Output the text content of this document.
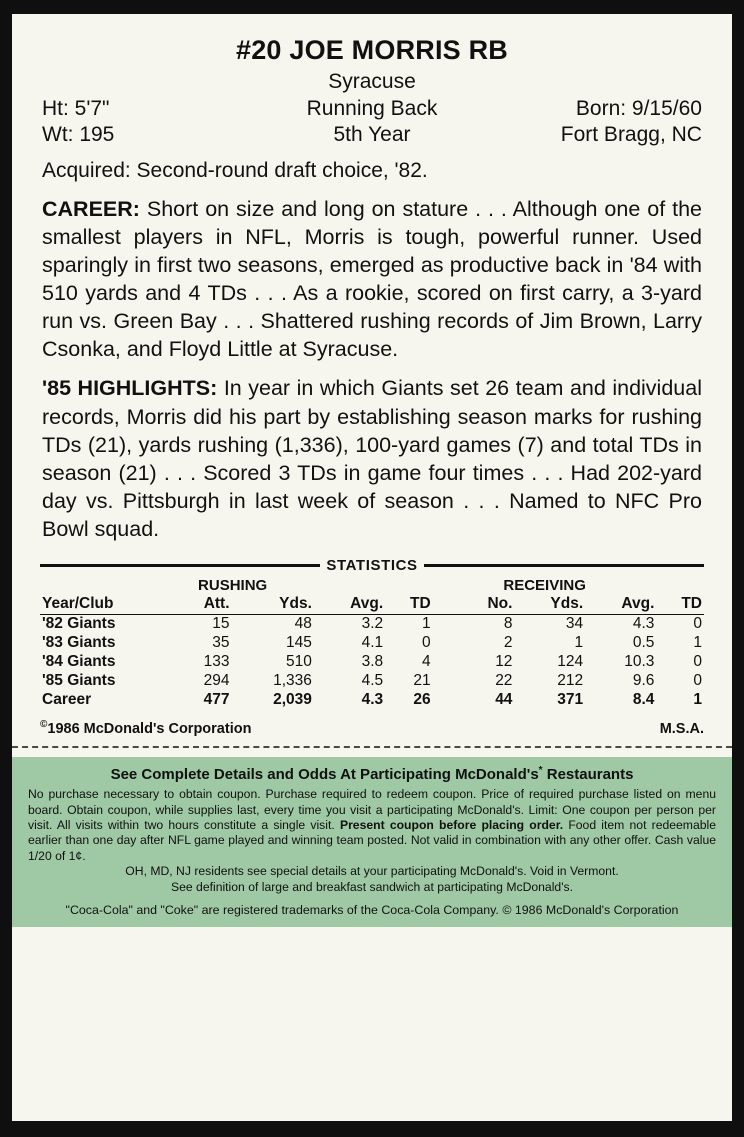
#20 JOE MORRIS RB
Syracuse
Ht: 5'7"
Wt: 195
Running Back
5th Year
Born: 9/15/60
Fort Bragg, NC
Acquired: Second-round draft choice, '82.
CAREER: Short on size and long on stature . . . Although one of the smallest players in NFL, Morris is tough, powerful runner. Used sparingly in first two seasons, emerged as productive back in '84 with 510 yards and 4 TDs . . . As a rookie, scored on first carry, a 3-yard run vs. Green Bay . . . Shattered rushing records of Jim Brown, Larry Csonka, and Floyd Little at Syracuse.
'85 HIGHLIGHTS: In year in which Giants set 26 team and individual records, Morris did his part by establishing season marks for rushing TDs (21), yards rushing (1,336), 100-yard games (7) and total TDs in season (21) . . . Scored 3 TDs in game four times . . . Had 202-yard day vs. Pittsburgh in last week of season . . . Named to NFC Pro Bowl squad.
STATISTICS
RUSHING	RECEIVING
Year/Club	Att.	Yds.	Avg.	TD		No.	Yds.	Avg.	TD
'82 Giants	15	48	3.2	1		8	34	4.3	0
'83 Giants	35	145	4.1	0		2	1	0.5	1
'84 Giants	133	510	3.8	4		12	124	10.3	0
'85 Giants	294	1,336	4.5	21		22	212	9.6	0
Career	477	2,039	4.3	26		44	371	8.4	1
©1986 McDonald's Corporation	M.S.A.
See Complete Details and Odds At Participating McDonald's* Restaurants
No purchase necessary to obtain coupon. Purchase required to redeem coupon. Price of required purchase listed on menu board. Obtain coupon, while supplies last, every time you visit a participating McDonald's. Limit: One coupon per person per visit. All visits within two hours constitute a single visit. Present coupon before placing order. Food item not redeemable earlier than one day after NFL game played and winning team posted. Not valid in combination with any other offer. Cash value 1/20 of 1¢.
OH, MD, NJ residents see special details at your participating McDonald's. Void in Vermont.
See definition of large and breakfast sandwich at participating McDonald's.
"Coca-Cola" and "Coke" are registered trademarks of the Coca-Cola Company. © 1986 McDonald's Corporation
